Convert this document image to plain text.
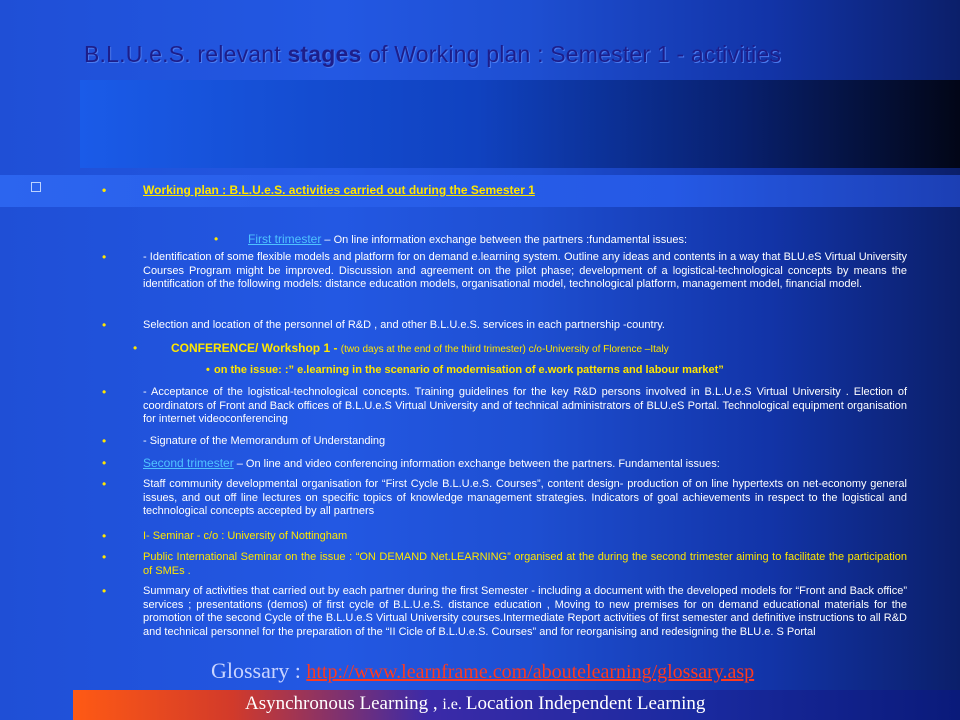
B.L.U.e.S. relevant stages of Working plan : Semester 1 - activities
• Working plan : B.L.U.e.S. activities carried out during the Semester 1
• First trimester – On line information exchange between the partners :fundamental issues:
• - Identification of some flexible models and platform for on demand e.learning system. Outline any ideas and contents in a way that BLU.eS Virtual University Courses Program might be improved. Discussion and agreement on the pilot phase; development of a logistical-technological concepts by means the identification of the following models: distance education models, organisational model, technological platform, management model, financial model.
• Selection and location of the personnel of R&D , and other B.L.U.e.S. services in each partnership -country.
• CONFERENCE/ Workshop 1 - (two days at the end of the third trimester) c/o-University of Florence –Italy
• on the issue: :” e.learning in the scenario of modernisation of e.work patterns and labour market”
• - Acceptance of the logistical-technological concepts. Training guidelines for the key R&D persons involved in B.L.U.e.S Virtual University . Election of coordinators of Front and Back offices of B.L.U.e.S Virtual University and of technical administrators of BLU.eS Portal. Technological equipment organisation for internet videoconferencing
• - Signature of the Memorandum of Understanding
• Second trimester – On line and video conferencing information exchange between the partners. Fundamental issues:
• Staff community developmental organisation for “First Cycle B.L.U.e.S. Courses”, content design- production of on line hypertexts on net-economy general issues, and out off line lectures on specific topics of knowledge management strategies. Indicators of goal achievements in respect to the logistical and technological concepts accepted by all partners
• I- Seminar - c/o : University of Nottingham
• Public International Seminar on the issue : “ON DEMAND Net.LEARNING” organised at the during the second trimester aiming to facilitate the participation of SMEs .
• Summary of activities that carried out by each partner during the first Semester - including a document with the developed models for “Front and Back office” services ; presentations (demos) of first cycle of B.L.U.e.S. distance education , Moving to new premises for on demand educational materials for the promotion of the second Cycle of the B.L.U.e.S Virtual University courses.Intermediate Report activities of first semester and definitive instructions to all R&D and technical personnel for the preparation of the “II Cicle of B.L.U.e.S. Courses” and for reorganising and redesigning the BLU.e. S Portal
Glossary : http://www.learnframe.com/aboutelearning/glossary.asp
Asynchronous Learning , i.e. Location Independent Learning
